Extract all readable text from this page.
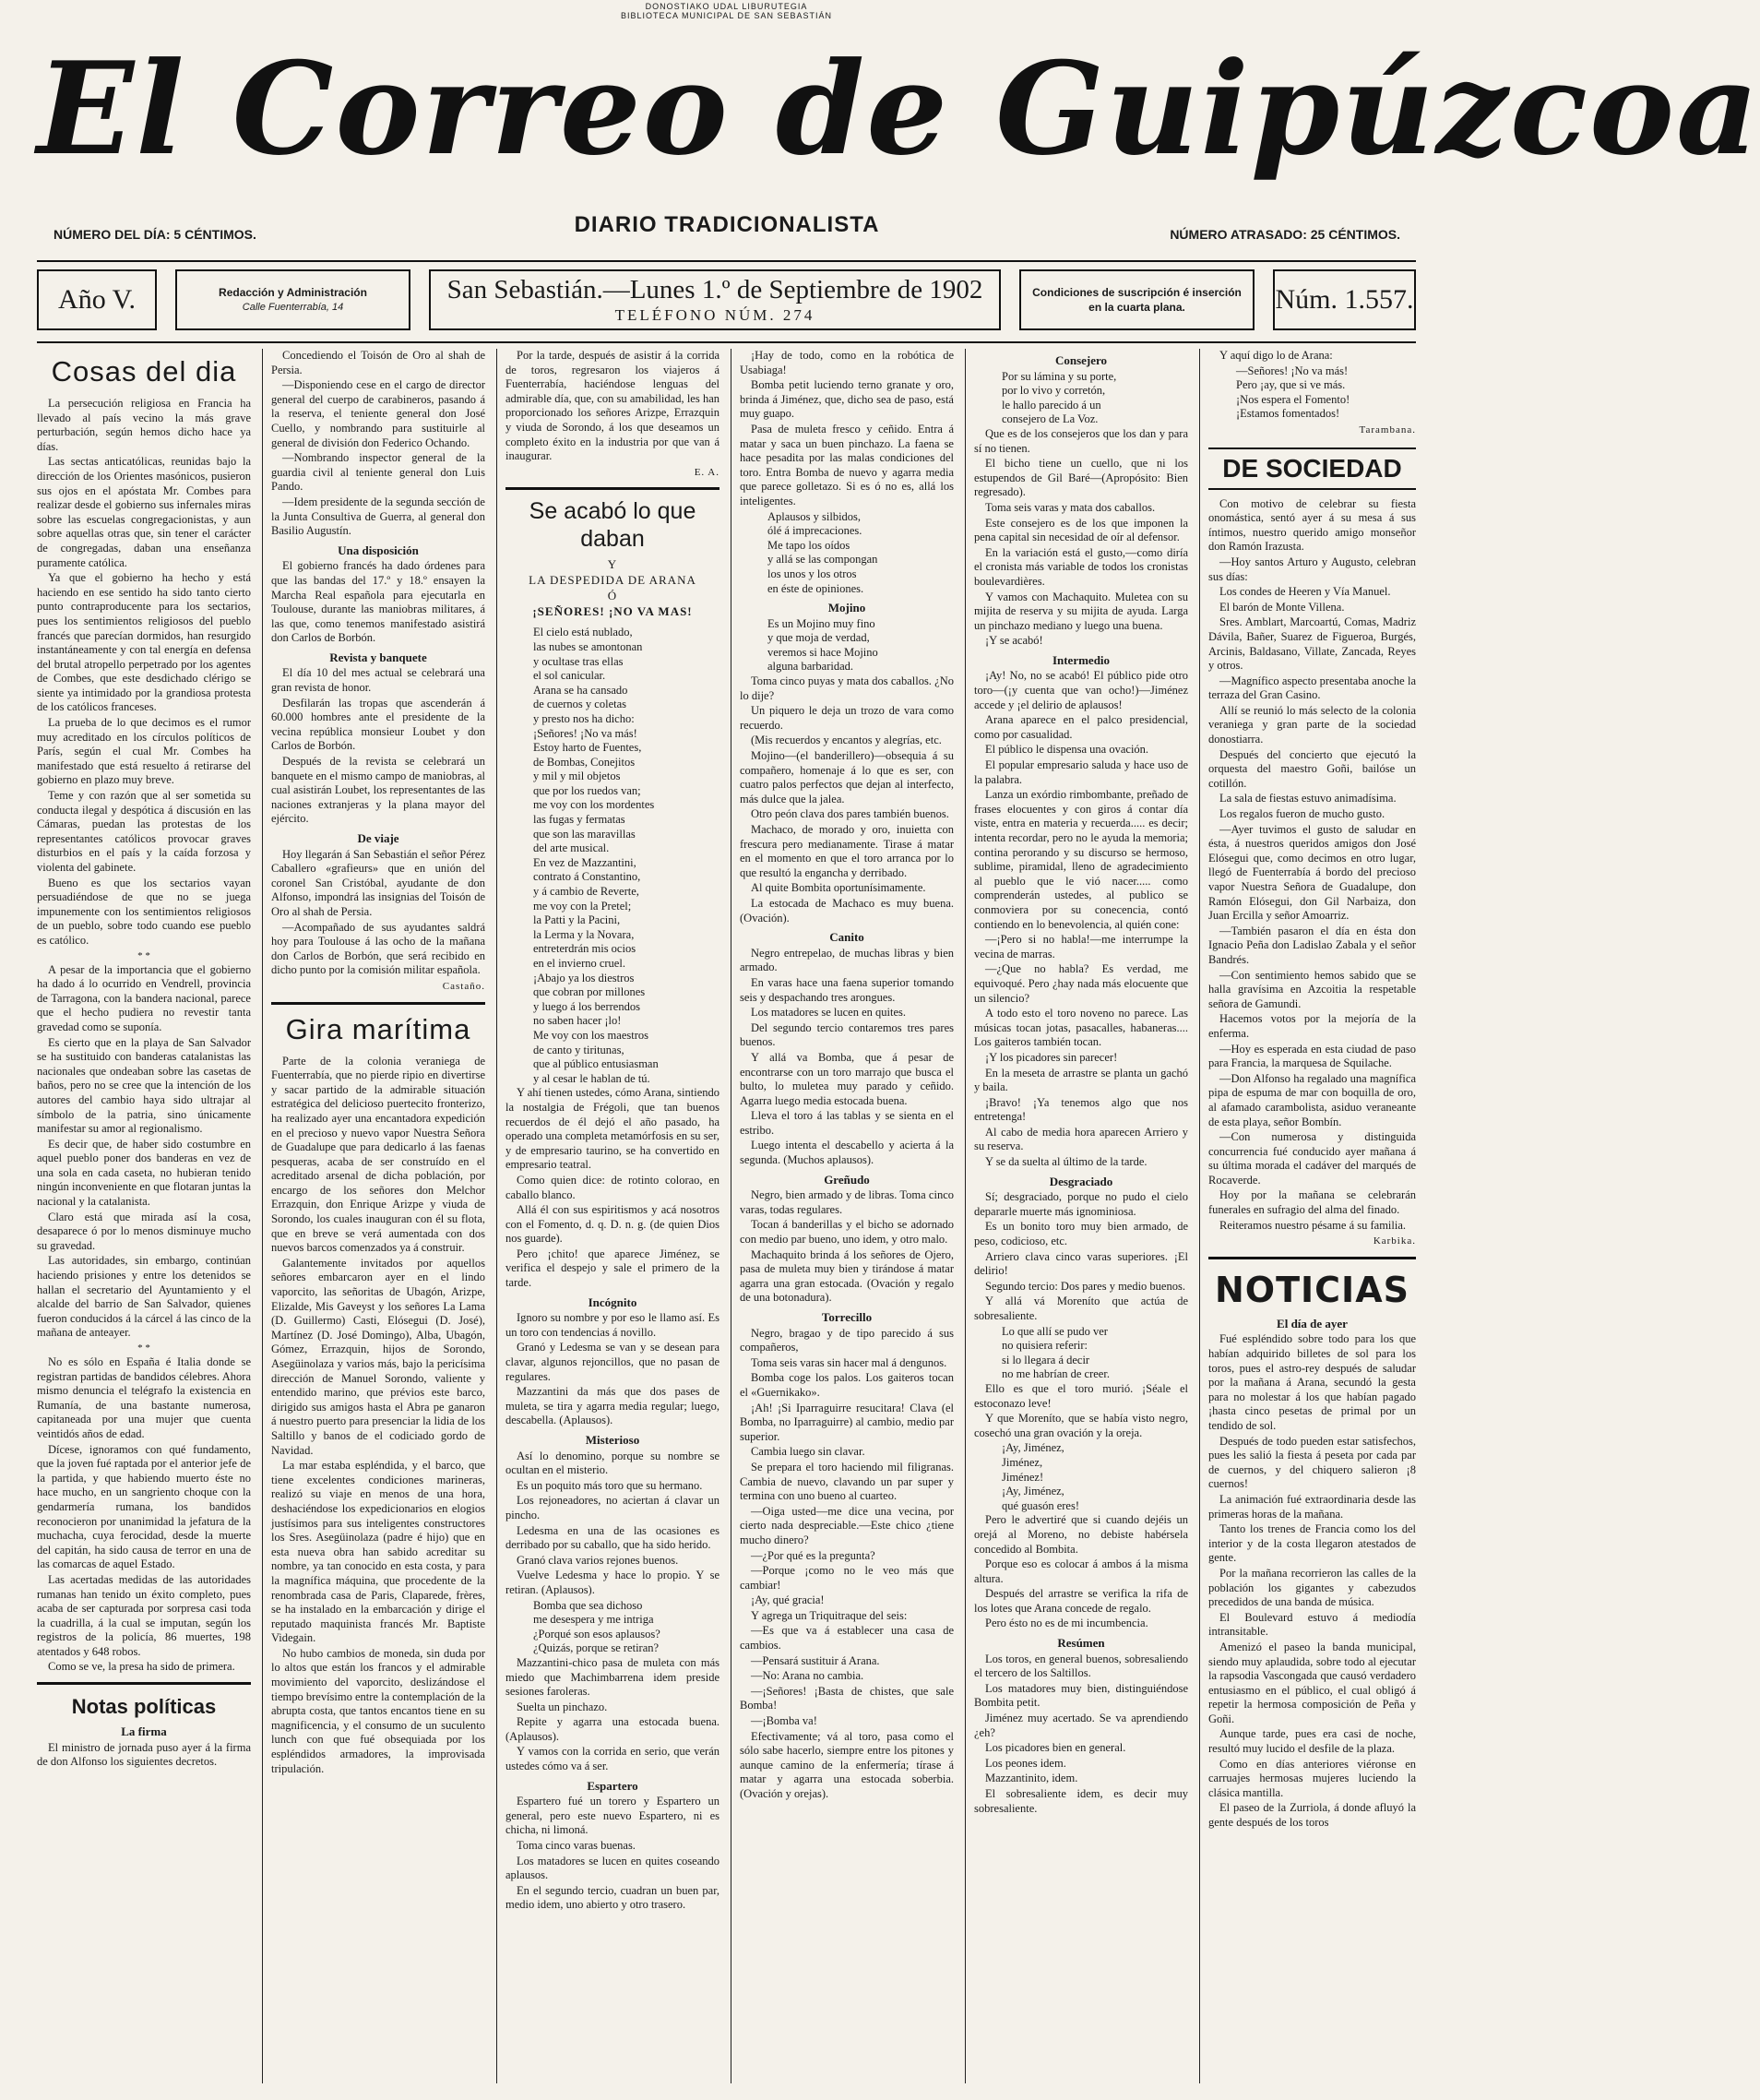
DONOSTIAKO UDAL LIBURUTEGIA
BIBLIOTECA MUNICIPAL DE SAN SEBASTIÁN
El Correo de Guipúzcoa
NÚMERO DEL DÍA: 5 CÉNTIMOS.	DIARIO TRADICIONALISTA	NÚMERO ATRASADO: 25 CÉNTIMOS.
Año V.	Redacción y Administración
Calle Fuenterrabía, 14
San Sebastián.—Lunes 1.º de Septiembre de 1902
TELÉFONO NÚM. 274
Condiciones de suscripción é inserción
en la cuarta plana.	Núm. 1.557.
Cosas del dia

La persecución religiosa en Francia ha llevado al país vecino la más grave perturbación, según hemos dicho hace ya días.

Las sectas anticatólicas, reunidas bajo la dirección de los Orientes masónicos, pusieron sus ojos en el apóstata Mr. Combes para realizar desde el gobierno sus infernales miras sobre las escuelas congregacionistas, y aun sobre aquellas otras que, sin tener el carácter de congregadas, daban una enseñanza puramente católica.

Ya que el gobierno ha hecho y está haciendo en ese sentido ha sido tanto cierto punto contraproducente para los sectarios, pues los sentimientos religiosos del pueblo francés que parecían dormidos, han resurgido instantáneamente y con tal energía en defensa del brutal atropello perpetrado por los agentes de Combes, que este desdichado clérigo se siente ya intimidado por la grandiosa protesta de los católicos franceses.

La prueba de lo que decimos es el rumor muy acreditado en los círculos políticos de París, según el cual Mr. Combes ha manifestado que está resuelto á retirarse del gobierno en plazo muy breve.

Teme y con razón que al ser sometida su conducta ilegal y despótica á discusión en las Cámaras, puedan las protestas de los representantes católicos provocar graves disturbios en el país y la caída forzosa y violenta del gabinete.

Bueno es que los sectarios vayan persuadiéndose de que no se juega impunemente con los sentimientos religiosos de un pueblo, sobre todo cuando ese pueblo es católico.

* *

A pesar de la importancia que el gobierno ha dado á lo ocurrido en Vendrell, provincia de Tarragona, con la bandera nacional, parece que el hecho pudiera no revestir tanta gravedad como se suponía.

Es cierto que en la playa de San Salvador se ha sustituido con banderas catalanistas las nacionales que ondeaban sobre las casetas de baños, pero no se cree que la intención de los autores del cambio haya sido ultrajar al símbolo de la patria, sino únicamente manifestar su amor al regionalismo.

Es decir que, de haber sido costumbre en aquel pueblo poner dos banderas en vez de una sola en cada caseta, no hubieran tenido ningún inconveniente en que flotaran juntas la nacional y la catalanista.

Claro está que mirada así la cosa, desaparece ó por lo menos disminuye mucho su gravedad.

Las autoridades, sin embargo, continúan haciendo prisiones y entre los detenidos se hallan el secretario del Ayuntamiento y el alcalde del barrio de San Salvador, quienes fueron conducidos á la cárcel á las cinco de la mañana de anteayer.

* *

No es sólo en España é Italia donde se registran partidas de bandidos célebres. Ahora mismo denuncia el telégrafo la existencia en Rumanía, de una bastante numerosa, capitaneada por una mujer que cuenta veintidós años de edad.

Dícese, ignoramos con qué fundamento, que la joven fué raptada por el anterior jefe de la partida, y que habiendo muerto éste no hace mucho, en un sangriento choque con la gendarmería rumana, los bandidos reconocieron por unanimidad la jefatura de la muchacha, cuya ferocidad, desde la muerte del capitán, ha sido causa de terror en una de las comarcas de aquel Estado.

Las acertadas medidas de las autoridades rumanas han tenido un éxito completo, pues acaba de ser capturada por sorpresa casi toda la cuadrilla, á la cual se imputan, según los registros de la policía, 86 muertes, 198 atentados y 648 robos.

Como se ve, la presa ha sido de primera.

Notas políticas
La firma

El ministro de jornada puso ayer á la firma de don Alfonso los siguientes decretos.

Concediendo el Toisón de Oro al shah de Persia.

—Disponiendo cese en el cargo de director general del cuerpo de carabineros, pasando á la reserva, el teniente general don José Cuello, y nombrando para sustituirle al general de división don Federico Ochando.

—Nombrando inspector general de la guardia civil al teniente general don Luis Pando.

—Idem presidente de la segunda sección de la Junta Consultiva de Guerra, al general don Basilio Augustín.

Una disposición

El gobierno francés ha dado órdenes para que las bandas del 17.º y 18.º ensayen la Marcha Real española para ejecutarla en Toulouse, durante las maniobras militares, á las que, como tenemos manifestado asistirá don Carlos de Borbón.

Revista y banquete

El día 10 del mes actual se celebrará una gran revista de honor.

Desfilarán las tropas que ascenderán á 60.000 hombres ante el presidente de la vecina república monsieur Loubet y don Carlos de Borbón.

Después de la revista se celebrará un banquete en el mismo campo de maniobras, al cual asistirán Loubet, los representantes de las naciones extranjeras y la plana mayor del ejército.

De viaje

Hoy llegarán á San Sebastián el señor Pérez Caballero «grafieurs» que en unión del coronel San Cristóbal, ayudante de don Alfonso, impondrá las insignias del Toisón de Oro al shah de Persia.

—Acompañado de sus ayudantes saldrá hoy para Toulouse á las ocho de la mañana don Carlos de Borbón, que será recibido en dicho punto por la comisión militar española.

Castaño.
Gira marítima

Parte de la colonia veraniega de Fuenterrabía, que no pierde ripio en divertirse y sacar partido de la admirable situación estratégica del delicioso puertecito fronterizo, ha realizado ayer una encantadora expedición en el precioso y nuevo vapor Nuestra Señora de Guadalupe que para dedicarlo á las faenas pesqueras, acaba de ser construído en el acreditado arsenal de dicha población, por encargo de los señores don Melchor Errazquin, don Enrique Arizpe y viuda de Sorondo, los cuales inauguran con él su flota, que en breve se verá aumentada con dos nuevos barcos comenzados ya á construir.

Galantemente invitados por aquellos señores embarcaron ayer en el lindo vaporcito, las señoritas de Ubagón, Arizpe, Elizalde, Mis Gaveyst y los señores La Lama (D. Guillermo) Casti, Elósegui (D. José), Martínez (D. José Domingo), Alba, Ubagón, Gómez, Errazquin, hijos de Sorondo, Asegüinolaza y varios más, bajo la pericísima dirección de Manuel Sorondo, valiente y entendido marino, que prévios este barco, dirigido sus amigos hasta el Abra pe ganaron á nuestro puerto para presenciar la lidia de los Saltillo y banos de el codiciado gordo de Navidad.

La mar estaba espléndida, y el barco, que tiene excelentes condiciones marineras, realizó su viaje en menos de una hora, deshaciéndose los expedicionarios en elogios justísimos para sus inteligentes constructores los Sres. Asegüinolaza (padre é hijo) que en esta nueva obra han sabido acreditar su nombre, ya tan conocido en esta costa, y para la magnífica máquina, que procedente de la renombrada casa de Paris, Claparede, frères, se ha instalado en la embarcación y dirige el reputado maquinista francés Mr. Baptiste Videgain.

No hubo cambios de moneda, sin duda por lo altos que están los francos y el admirable movimiento del vaporcito, deslizándose el tiempo brevísimo entre la contemplación de la abrupta costa, que tantos encantos tiene en su magnificencia, y el consumo de un suculento lunch con que fué obsequiada por los espléndidos armadores, la improvisada tripulación.

Por la tarde, después de asistir á la corrida de toros, regresaron los viajeros á Fuenterrabía, haciéndose lenguas del admirable día, que, con su amabilidad, les han proporcionado los señores Arizpe, Errazquin y viuda de Sorondo, á los que deseamos un completo éxito en la industria por que van á inaugurar.

E. A.
Se acabó lo que daban
Y
LA DESPEDIDA DE ARANA
Ó
¡SEÑORES! ¡NO VA MAS!
El cielo está nublado,
las nubes se amontonan
y ocultase tras ellas
el sol canicular.
Arana se ha cansado
de cuernos y coletas
y presto nos ha dicho:
¡Señores! ¡No va más!
Estoy harto de Fuentes,
de Bombas, Conejitos
y mil y mil objetos
que por los ruedos van;
me voy con los mordentes
las fugas y fermatas
que son las maravillas
del arte musical.
En vez de Mazzantini,
contrato á Constantino,
y á cambio de Reverte,
me voy con la Pretel;
la Patti y la Pacini,
la Lerma y la Novara,
entreterdrán mis ocios
en el invierno cruel.
¡Abajo ya los diestros
que cobran por millones
y luego á los berrendos
no saben hacer ¡lo!
Me voy con los maestros
de canto y tiritunas,
que al público entusiasman
y al cesar le hablan de tú.

Y ahí tienen ustedes, cómo Arana, sintiendo la nostalgia de Frégoli, que tan buenos recuerdos de él dejó el año pasado, ha operado una completa metamórfosis en su ser, y de empresario taurino, se ha convertido en empresario teatral.

Como quien dice: de rotinto colorao, en caballo blanco.

Allá él con sus espiritismos y acá nosotros con el Fomento, d. q. D. n. g. (de quien Dios nos guarde).

Pero ¡chito! que aparece Jiménez, se verifica el despejo y sale el primero de la tarde.

Incógnito

Ignoro su nombre y por eso le llamo así. Es un toro con tendencias á novillo.

Granó y Ledesma se van y se desean para clavar, algunos rejoncillos, que no pasan de regulares.

Mazzantini da más que dos pases de muleta, se tira y agarra media regular; luego, descabella. (Aplausos).

Misterioso

Así lo denomino, porque su nombre se ocultan en el misterio.

Es un poquito más toro que su hermano.

Los rejoneadores, no aciertan á clavar un pincho.

Ledesma en una de las ocasiones es derribado por su caballo, que ha sido herido.

Granó clava varios rejones buenos.

Vuelve Ledesma y hace lo propio. Y se retiran. (Aplausos).

Bomba que sea dichoso
me desespera y me intriga
¿Porqué son esos aplausos?
¿Quizás, porque se retiran?

Mazzantini-chico pasa de muleta con más miedo que Machimbarrena idem preside sesiones faroleras.

Suelta un pinchazo.

Repite y agarra una estocada buena. (Aplausos).

Y vamos con la corrida en serio, que verán ustedes cómo va á ser.

Espartero

Espartero fué un torero y Espartero un general, pero este nuevo Espartero, ni es chicha, ni limoná.

Toma cinco varas buenas.

Los matadores se lucen en quites coseando aplausos.

En el segundo tercio, cuadran un buen par, medio idem, uno abierto y otro trasero.

¡Hay de todo, como en la robótica de Usabiaga!

Bomba petit luciendo terno granate y oro, brinda á Jiménez, que, dicho sea de paso, está muy guapo.

Pasa de muleta fresco y ceñido. Entra á matar y saca un buen pinchazo. La faena se hace pesadita por las malas condiciones del toro. Entra Bomba de nuevo y agarra media que parece golletazo. Si es ó no es, allá los inteligentes.

Aplausos y silbidos,
ólé á imprecaciones.
Me tapo los oídos
y allá se las compongan
los unos y los otros
en éste de opiniones.
Mojino
Es un Mojino muy fino
y que moja de verdad,
veremos si hace Mojino
alguna barbaridad.

Toma cinco puyas y mata dos caballos. ¿No lo dije?

Un piquero le deja un trozo de vara como recuerdo.

(Mis recuerdos y encantos y alegrías, etc.

Mojino—(el banderillero)—obsequia á su compañero, homenaje á lo que es ser, con cuatro palos perfectos que dejan al interfecto, más dulce que la jalea.

Otro peón clava dos pares también buenos.

Machaco, de morado y oro, inuietta con frescura pero medianamente. Tirase á matar en el momento en que el toro arranca por lo que resultó la engancha y derribado.

Al quite Bombita oportunísimamente.

La estocada de Machaco es muy buena. (Ovación).

Canito

Negro entrepelao, de muchas libras y bien armado.

En varas hace una faena superior tomando seis y despachando tres arongues.

Los matadores se lucen en quites.

Del segundo tercio contaremos tres pares buenos.

Y allá va Bomba, que á pesar de encontrarse con un toro marrajo que busca el bulto, lo muletea muy parado y ceñido. Agarra luego media estocada buena.

Lleva el toro á las tablas y se sienta en el estribo.

Luego intenta el descabello y acierta á la segunda. (Muchos aplausos).

Greñudo

Negro, bien armado y de libras. Toma cinco varas, todas regulares.

Tocan á banderillas y el bicho se adornado con medio par bueno, uno idem, y otro malo.

Machaquito brinda á los señores de Ojero, pasa de muleta muy bien y tirándose á matar agarra una gran estocada. (Ovación y regalo de una botonadura).

Torrecillo

Negro, bragao y de tipo parecido á sus compañeros,

Toma seis varas sin hacer mal á dengunos.

Bomba coge los palos. Los gaiteros tocan el «Guernikako».

¡Ah! ¡Si Iparraguirre resucitara! Clava (el Bomba, no Iparraguirre) al cambio, medio par superior.

Cambia luego sin clavar.

Se prepara el toro haciendo mil filigranas. Cambia de nuevo, clavando un par super y termina con uno bueno al cuarteo.

—Oiga usted—me dice una vecina, por cierto nada despreciable.—Este chico ¿tiene mucho dinero?

—¿Por qué es la pregunta?

—Porque ¡como no le veo más que cambiar!

¡Ay, qué gracia!

Y agrega un Triquitraque del seis:

—Es que va á establecer una casa de cambios.

—Pensará sustituir á Arana.

—No: Arana no cambia.

—¡Señores! ¡Basta de chistes, que sale Bomba!

—¡Bomba va!

Efectivamente; vá al toro, pasa como el sólo sabe hacerlo, siempre entre los pitones y aunque camino de la enfermería; tírase á matar y agarra una estocada soberbia. (Ovación y orejas).

Consejero
Por su lámina y su porte,
por lo vivo y corretón,
le hallo parecido á un
consejero de La Voz.

Que es de los consejeros que los dan y para sí no tienen.

El bicho tiene un cuello, que ni los estupendos de Gil Baré—(Apropósito: Bien regresado).

Toma seis varas y mata dos caballos.

Este consejero es de los que imponen la pena capital sin necesidad de oír al defensor.

En la variación está el gusto,—como diría el cronista más variable de todos los cronistas boulevardières.

Y vamos con Machaquito. Muletea con su mijita de reserva y su mijita de ayuda. Larga un pinchazo mediano y luego una buena.

¡Y se acabó!

Intermedio

¡Ay! No, no se acabó! El público pide otro toro—(¡y cuenta que van ocho!)—Jiménez accede y ¡el delirio de aplausos!

Arana aparece en el palco presidencial, como por casualidad.

El público le dispensa una ovación.

El popular empresario saluda y hace uso de la palabra.

Lanza un exórdio rimbombante, preñado de frases elocuentes y con giros á contar día viste, entra en materia y recuerda..... es decir; intenta recordar, pero no le ayuda la memoria; contina perorando y su discurso se hermoso, sublime, piramidal, lleno de agradecimiento al pueblo que le vió nacer..... como comprenderán ustedes, al publico se conmoviera por su conecencia, contó contiendo en lo benevolencia, al quién cone:

—¡Pero si no habla!—me interrumpe la vecina de marras.

—¿Que no habla? Es verdad, me equivoqué. Pero ¿hay nada más elocuente que un silencio?

A todo esto el toro noveno no parece. Las músicas tocan jotas, pasacalles, habaneras.... Los gaiteros también tocan.

¡Y los picadores sin parecer!

En la meseta de arrastre se planta un gachó y baila.

¡Bravo! ¡Ya tenemos algo que nos entretenga!

Al cabo de media hora aparecen Arriero y su reserva.

Y se da suelta al último de la tarde.

Desgraciado

Sí; desgraciado, porque no pudo el cielo depararle muerte más ignominiosa.

Es un bonito toro muy bien armado, de peso, codicioso, etc.

Arriero clava cinco varas superiores. ¡El delirio!

Segundo tercio: Dos pares y medio buenos.

Y allá vá Moreníto que actúa de sobresaliente.

Lo que allí se pudo ver
no quisiera referir:
si lo llegara á decir
no me habrían de creer.

Ello es que el toro murió. ¡Séale el estoconazo leve!

Y que Moreníto, que se había visto negro, cosechó una gran ovación y la oreja.

¡Ay, Jiménez,
Jiménez,
Jiménez!
¡Ay, Jiménez,
qué guasón eres!

Pero le advertiré que si cuando dejéis un orejá al Moreno, no debiste habérsela concedido al Bombita.

Porque eso es colocar á ambos á la misma altura.

Después del arrastre se verifica la rifa de los lotes que Arana concede de regalo.

Pero ésto no es de mi incumbencia.

Resúmen

Los toros, en general buenos, sobresaliendo el tercero de los Saltillos.

Los matadores muy bien, distinguiéndose Bombita petit.

Jiménez muy acertado. Se va aprendiendo ¿eh?

Los picadores bien en general.

Los peones idem.

Mazzantinito, idem.

El sobresaliente idem, es decir muy sobresaliente.

Y aquí digo lo de Arana:

—Señores! ¡No va más!
Pero ¡ay, que si ve más.
¡Nos espera el Fomento!
¡Estamos fomentados!
Tarambana.
DE SOCIEDAD

Con motivo de celebrar su fiesta onomástica, sentó ayer á su mesa á sus íntimos, nuestro querido amigo monseñor don Ramón Irazusta.

—Hoy santos Arturo y Augusto, celebran sus días:

Los condes de Heeren y Vía Manuel.

El barón de Monte Villena.

Sres. Amblart, Marcoartú, Comas, Madriz Dávila, Bañer, Suarez de Figueroa, Burgés, Arcinis, Baldasano, Villate, Zancada, Reyes y otros.

—Magnífico aspecto presentaba anoche la terraza del Gran Casino.

Allí se reunió lo más selecto de la colonia veraniega y gran parte de la sociedad donostiarra.

Después del concierto que ejecutó la orquesta del maestro Goñi, bailóse un cotillón.

La sala de fiestas estuvo animadísima.

Los regalos fueron de mucho gusto.

—Ayer tuvimos el gusto de saludar en ésta, á nuestros queridos amigos don José Elósegui que, como decimos en otro lugar, llegó de Fuenterrabía á bordo del precioso vapor Nuestra Señora de Guadalupe, don Ramón Elósegui, don Gil Narbaiza, don Juan Ercilla y señor Amoarriz.

—También pasaron el día en ésta don Ignacio Peña don Ladislao Zabala y el señor Bandrés.

—Con sentimiento hemos sabido que se halla gravísima en Azcoitia la respetable señora de Gamundi.

Hacemos votos por la mejoría de la enferma.

—Hoy es esperada en esta ciudad de paso para Francia, la marquesa de Squilache.

—Don Alfonso ha regalado una magnífica pipa de espuma de mar con boquilla de oro, al afamado carambolista, asiduo veraneante de esta playa, señor Bombín.

—Con numerosa y distinguida concurrencia fué conducido ayer mañana á su última morada el cadáver del marqués de Rocaverde.

Hoy por la mañana se celebrarán funerales en sufragio del alma del finado.

Reiteramos nuestro pésame á su familia.

Karbika.
NOTICIAS
El día de ayer

Fué espléndido sobre todo para los que habían adquirido billetes de sol para los toros, pues el astro-rey después de saludar por la mañana á Arana, secundó la gesta para no molestar á los que habían pagado ¡hasta cinco pesetas de primal por un tendido de sol.

Después de todo pueden estar satisfechos, pues les salió la fiesta á peseta por cada par de cuernos, y del chiquero salieron ¡8 cuernos!

La animación fué extraordinaria desde las primeras horas de la mañana.

Tanto los trenes de Francia como los del interior y de la costa llegaron atestados de gente.

Por la mañana recorrieron las calles de la población los gigantes y cabezudos precedidos de una banda de música.

El Boulevard estuvo á mediodía intransitable.

Amenizó el paseo la banda municipal, siendo muy aplaudida, sobre todo al ejecutar la rapsodia Vascongada que causó verdadero entusiasmo en el público, el cual obligó á repetir la hermosa composición de Peña y Goñi.

Aunque tarde, pues era casi de noche, resultó muy lucido el desfile de la plaza.

Como en días anteriores viéronse en carruajes hermosas mujeres luciendo la clásica mantilla.

El paseo de la Zurriola, á donde afluyó la gente después de los toros
